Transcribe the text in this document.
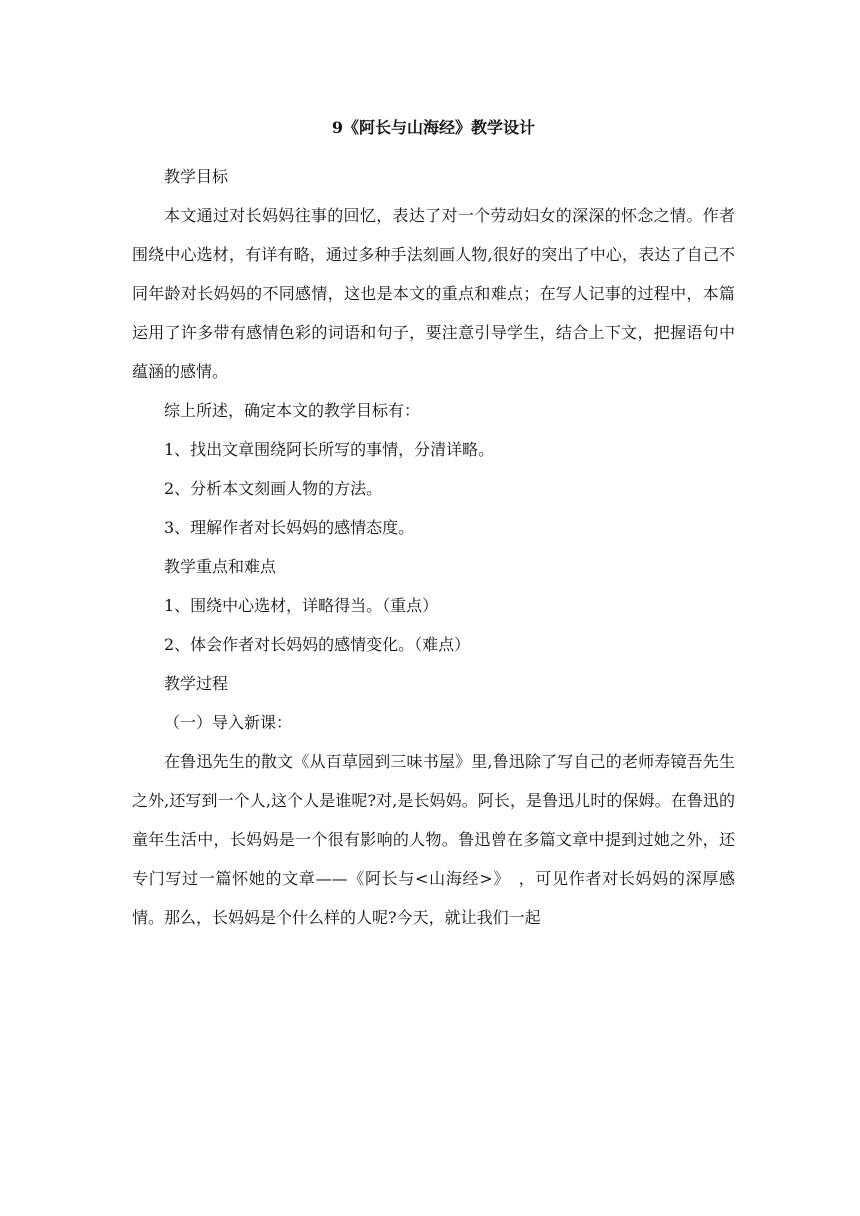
9《阿长与山海经》教学设计

教学目标

本文通过对长妈妈往事的回忆，表达了对一个劳动妇女的深深的怀念之情。作者围绕中心选材，有详有略，通过多种手法刻画人物,很好的突出了中心，表达了自己不同年龄对长妈妈的不同感情，这也是本文的重点和难点；在写人记事的过程中，本篇运用了许多带有感情色彩的词语和句子，要注意引导学生，结合上下文，把握语句中蕴涵的感情。

综上所述，确定本文的教学目标有：

1、找出文章围绕阿长所写的事情，分清详略。

2、分析本文刻画人物的方法。

3、理解作者对长妈妈的感情态度。

教学重点和难点

1、围绕中心选材，详略得当。（重点）

2、体会作者对长妈妈的感情变化。（难点）

教学过程

（一）导入新课：

在鲁迅先生的散文《从百草园到三味书屋》里,鲁迅除了写自己的老师寿镜吾先生之外,还写到一个人,这个人是谁呢?对,是长妈妈。阿长，是鲁迅儿时的保姆。在鲁迅的童年生活中，长妈妈是一个很有影响的人物。鲁迅曾在多篇文章中提到过她之外，还专门写过一篇怀她的文章——《阿长与<山海经>》　，可见作者对长妈妈的深厚感情。那么，长妈妈是个什么样的人呢?今天，就让我们一起
